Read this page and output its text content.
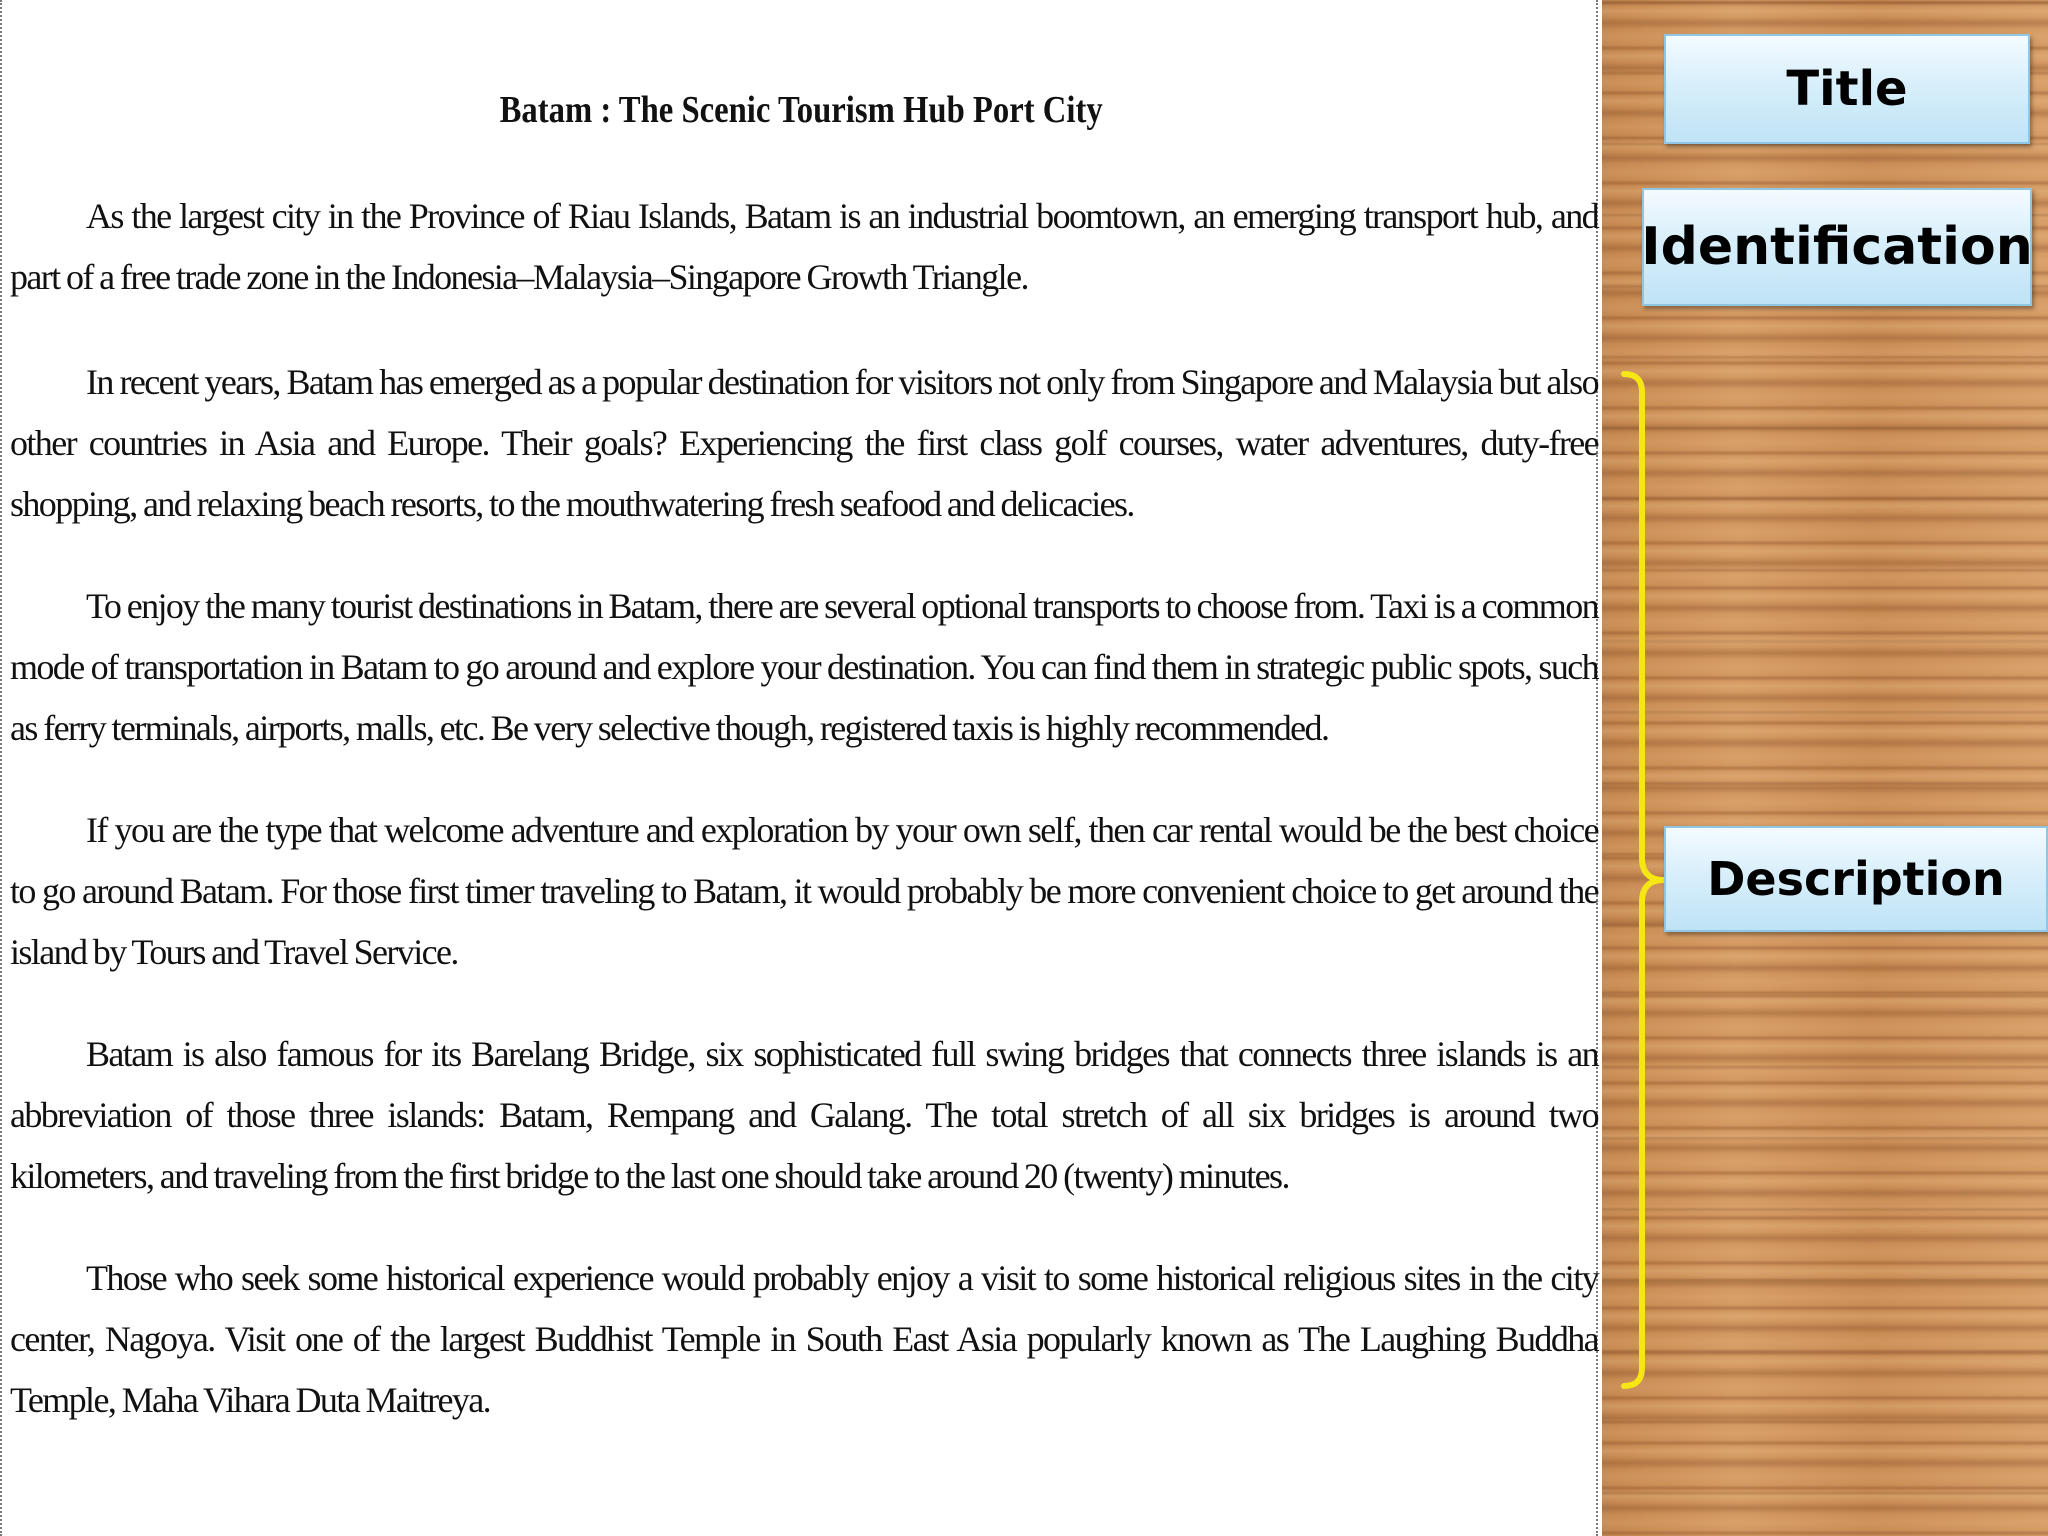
Batam : The Scenic Tourism Hub Port City

As the largest city in the Province of Riau Islands, Batam is an industrial boomtown, an emerging transport hub, and part of a free trade zone in the Indonesia–Malaysia–Singapore Growth Triangle.

In recent years, Batam has emerged as a popular destination for visitors not only from Singapore and Malaysia but also other countries in Asia and Europe. Their goals? Experiencing the first class golf courses, water adventures, duty-free shopping, and relaxing beach resorts, to the mouthwatering fresh seafood and delicacies.

To enjoy the many tourist destinations in Batam, there are several optional transports to choose from. Taxi is a common mode of transportation in Batam to go around and explore your destination. You can find them in strategic public spots, such as ferry terminals, airports, malls, etc. Be very selective though, registered taxis is highly recommended.

If you are the type that welcome adventure and exploration by your own self, then car rental would be the best choice to go around Batam. For those first timer traveling to Batam, it would probably be more convenient choice to get around the island by Tours and Travel Service.

Batam is also famous for its Barelang Bridge, six sophisticated full swing bridges that connects three islands is an abbreviation of those three islands: Batam, Rempang and Galang. The total stretch of all six bridges is around two kilometers, and traveling from the first bridge to the last one should take around 20 (twenty) minutes.

Those who seek some historical experience would probably enjoy a visit to some historical religious sites in the city center, Nagoya. Visit one of the largest Buddhist Temple in South East Asia popularly known as The Laughing Buddha Temple, Maha Vihara Duta Maitreya.

Title
Identification
Description
